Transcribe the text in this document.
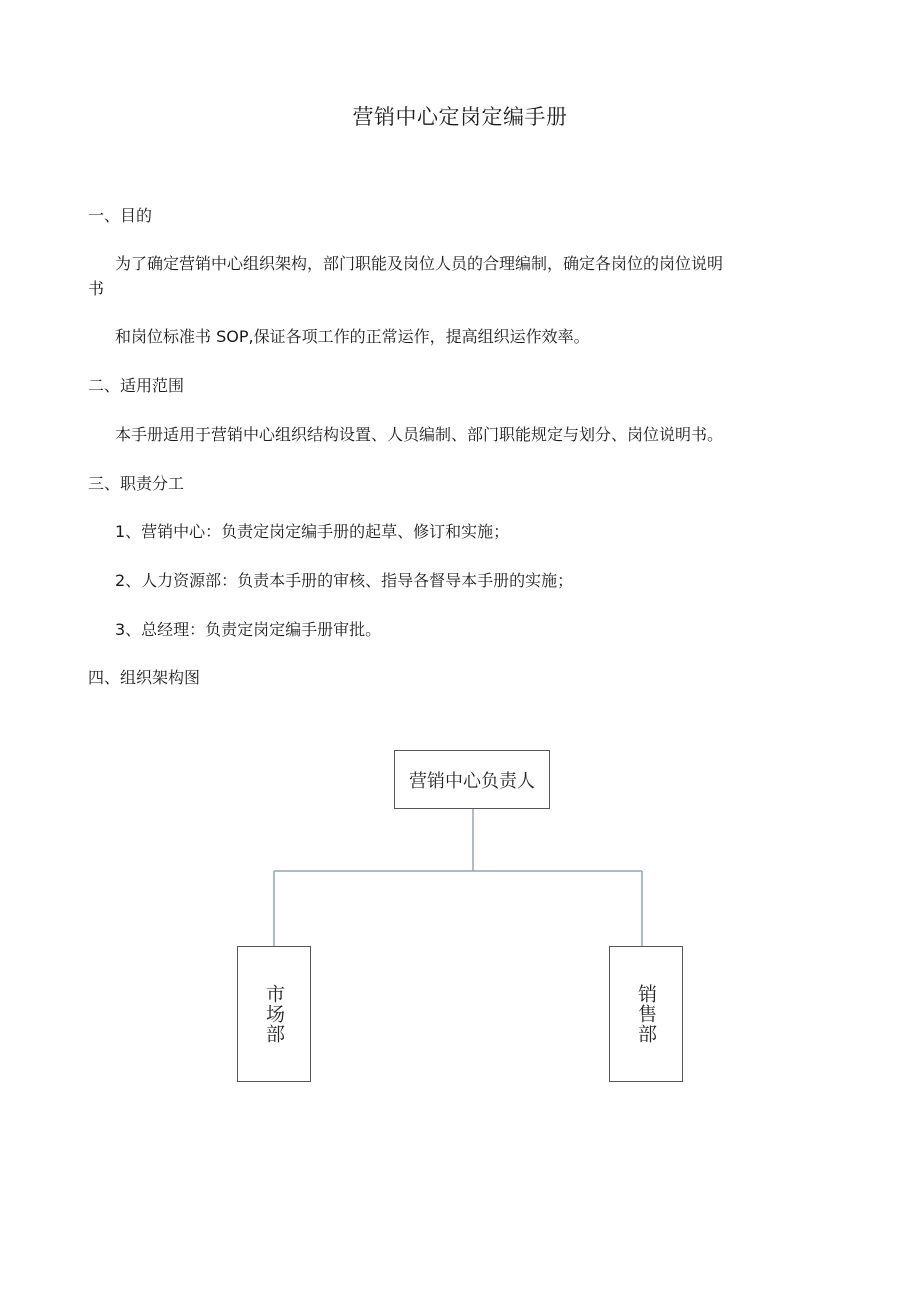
营销中心定岗定编手册
一、目的
为了确定营销中心组织架构，部门职能及岗位人员的合理编制，确定各岗位的岗位说明
书
和岗位标准书 SOP,保证各项工作的正常运作，提高组织运作效率。
二、适用范围
本手册适用于营销中心组织结构设置、人员编制、部门职能规定与划分、岗位说明书。
三、职责分工
1、营销中心：负责定岗定编手册的起草、修订和实施；
2、人力资源部：负责本手册的审核、指导各督导本手册的实施；
3、总经理：负责定岗定编手册审批。
四、组织架构图
营销中心负责人
市场部	销售部
